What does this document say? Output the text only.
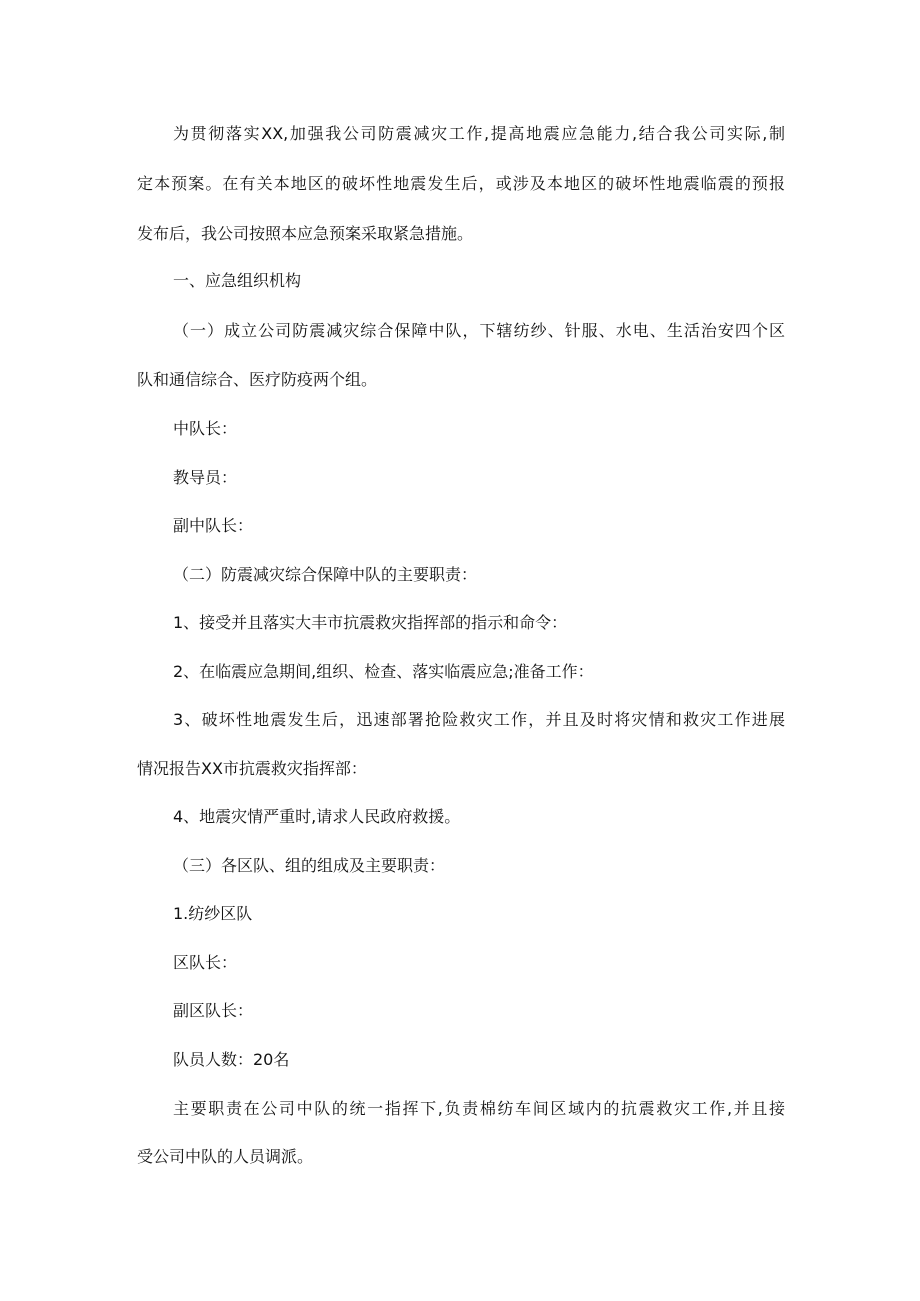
为贯彻落实XX,加强我公司防震减灾工作,提高地震应急能力,结合我公司实际,制
定本预案。在有关本地区的破坏性地震发生后，或涉及本地区的破坏性地震临震的预报
发布后，我公司按照本应急预案采取紧急措施。
一、应急组织机构
（一）成立公司防震减灾综合保障中队，下辖纺纱、针服、水电、生活治安四个区
队和通信综合、医疗防疫两个组。
中队长：
教导员：
副中队长：
（二）防震减灾综合保障中队的主要职责：
1、接受并且落实大丰市抗震救灾指挥部的指示和命令：
2、在临震应急期间,组织、检查、落实临震应急;准备工作：
3、破坏性地震发生后，迅速部署抢险救灾工作，并且及时将灾情和救灾工作进展
情况报告XX市抗震救灾指挥部：
4、地震灾情严重时,请求人民政府救援。
（三）各区队、组的组成及主要职责：
1.纺纱区队
区队长：
副区队长：
队员人数：20名
主要职责在公司中队的统一指挥下,负责棉纺车间区域内的抗震救灾工作,并且接
受公司中队的人员调派。
